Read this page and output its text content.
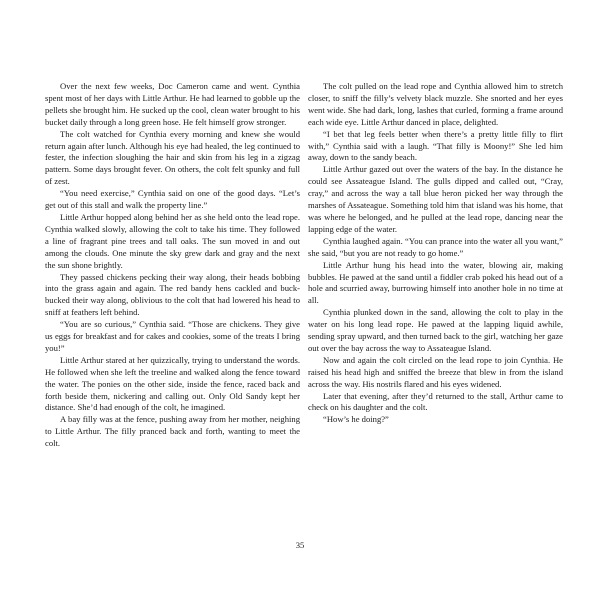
Over the next few weeks, Doc Cameron came and went. Cynthia spent most of her days with Little Arthur. He had learned to gobble up the pellets she brought him. He sucked up the cool, clean water brought to his bucket daily through a long green hose. He felt himself grow stronger.

The colt watched for Cynthia every morning and knew she would return again after lunch. Although his eye had healed, the leg continued to fester, the infection sloughing the hair and skin from his leg in a zigzag pattern. Some days brought fever. On others, the colt felt spunky and full of zest.

“You need exercise,” Cynthia said on one of the good days. “Let’s get out of this stall and walk the property line.”

Little Arthur hopped along behind her as she held onto the lead rope. Cynthia walked slowly, allowing the colt to take his time. They followed a line of fragrant pine trees and tall oaks. The sun moved in and out among the clouds. One minute the sky grew dark and gray and the next the sun shone brightly.

They passed chickens pecking their way along, their heads bobbing into the grass again and again. The red bandy hens cackled and buck-bucked their way along, oblivious to the colt that had lowered his head to sniff at feathers left behind.

“You are so curious,” Cynthia said. “Those are chickens. They give us eggs for breakfast and for cakes and cookies, some of the treats I bring you!”

Little Arthur stared at her quizzically, trying to understand the words. He followed when she left the treeline and walked along the fence toward the water. The ponies on the other side, inside the fence, raced back and forth beside them, nickering and calling out. Only Old Sandy kept her distance. She’d had enough of the colt, he imagined.

A bay filly was at the fence, pushing away from her mother, neighing to Little Arthur. The filly pranced back and forth, wanting to meet the colt.

The colt pulled on the lead rope and Cynthia allowed him to stretch closer, to sniff the filly’s velvety black muzzle. She snorted and her eyes went wide. She had dark, long, lashes that curled, forming a frame around each wide eye. Little Arthur danced in place, delighted.

“I bet that leg feels better when there’s a pretty little filly to flirt with,” Cynthia said with a laugh. “That filly is Moony!” She led him away, down to the sandy beach.

Little Arthur gazed out over the waters of the bay. In the distance he could see Assateague Island. The gulls dipped and called out, “Cray, cray,” and across the way a tall blue heron picked her way through the marshes of Assateague. Something told him that island was his home, that was where he belonged, and he pulled at the lead rope, dancing near the lapping edge of the water.

Cynthia laughed again. “You can prance into the water all you want,” she said, “but you are not ready to go home.”

Little Arthur hung his head into the water, blowing air, making bubbles. He pawed at the sand until a fiddler crab poked his head out of a hole and scurried away, burrowing himself into another hole in no time at all.

Cynthia plunked down in the sand, allowing the colt to play in the water on his long lead rope. He pawed at the lapping liquid awhile, sending spray upward, and then turned back to the girl, watching her gaze out over the bay across the way to Assateague Island.

Now and again the colt circled on the lead rope to join Cynthia. He raised his head high and sniffed the breeze that blew in from the island across the way. His nostrils flared and his eyes widened.

Later that evening, after they’d returned to the stall, Arthur came to check on his daughter and the colt.

“How’s he doing?”

35
